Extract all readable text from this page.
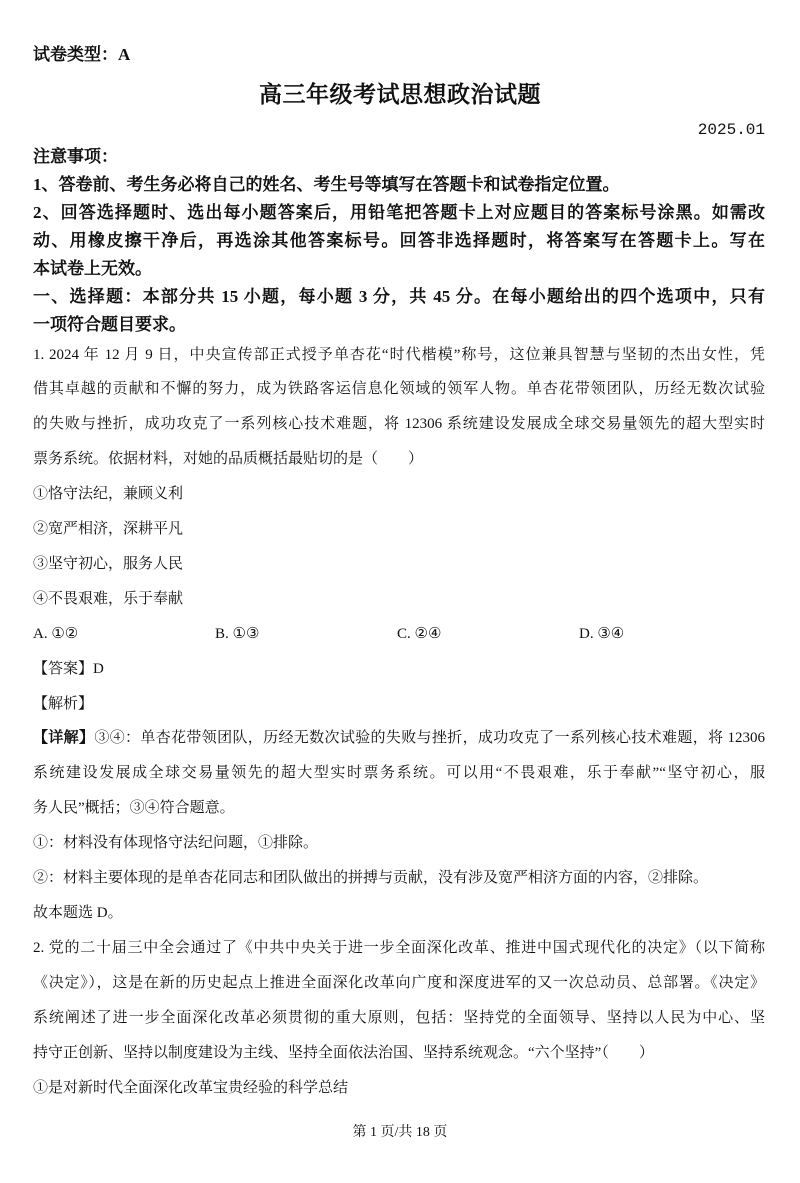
试卷类型：A
高三年级考试思想政治试题
2025.01
注意事项：
1、答卷前、考生务必将自己的姓名、考生号等填写在答题卡和试卷指定位置。
2、回答选择题时、选出每小题答案后，用铅笔把答题卡上对应题目的答案标号涂黑。如需改
动、用橡皮擦干净后，再选涂其他答案标号。回答非选择题时，将答案写在答题卡上。写在
本试卷上无效。
一、选择题：本部分共 15 小题，每小题 3 分，共 45 分。在每小题给出的四个选项中，只有
一项符合题目要求。
1. 2024 年 12 月 9 日，中央宣传部正式授予单杏花“时代楷模”称号，这位兼具智慧与坚韧的杰出女性，凭
借其卓越的贡献和不懈的努力，成为铁路客运信息化领域的领军人物。单杏花带领团队，历经无数次试验
的失败与挫折，成功攻克了一系列核心技术难题，将 12306 系统建设发展成全球交易量领先的超大型实时
票务系统。依据材料，对她的品质概括最贴切的是（　　）
①恪守法纪，兼顾义利
②宽严相济，深耕平凡
③坚守初心，服务人民
④不畏艰难，乐于奉献
A. ①②	B. ①③	C. ②④	D. ③④
【答案】D
【解析】
【详解】③④：单杏花带领团队，历经无数次试验的失败与挫折，成功攻克了一系列核心技术难题，将 12306
系统建设发展成全球交易量领先的超大型实时票务系统。可以用“不畏艰难，乐于奉献”“坚守初心，服
务人民”概括；③④符合题意。
①：材料没有体现恪守法纪问题，①排除。
②：材料主要体现的是单杏花同志和团队做出的拼搏与贡献，没有涉及宽严相济方面的内容，②排除。
故本题选 D。
2. 党的二十届三中全会通过了《中共中央关于进一步全面深化改革、推进中国式现代化的决定》（以下简称
《决定》），这是在新的历史起点上推进全面深化改革向广度和深度进军的又一次总动员、总部署。《决定》
系统阐述了进一步全面深化改革必须贯彻的重大原则，包括：坚持党的全面领导、坚持以人民为中心、坚
持守正创新、坚持以制度建设为主线、坚持全面依法治国、坚持系统观念。“六个坚持”（　　）
①是对新时代全面深化改革宝贵经验的科学总结
第 1 页/共 18 页
